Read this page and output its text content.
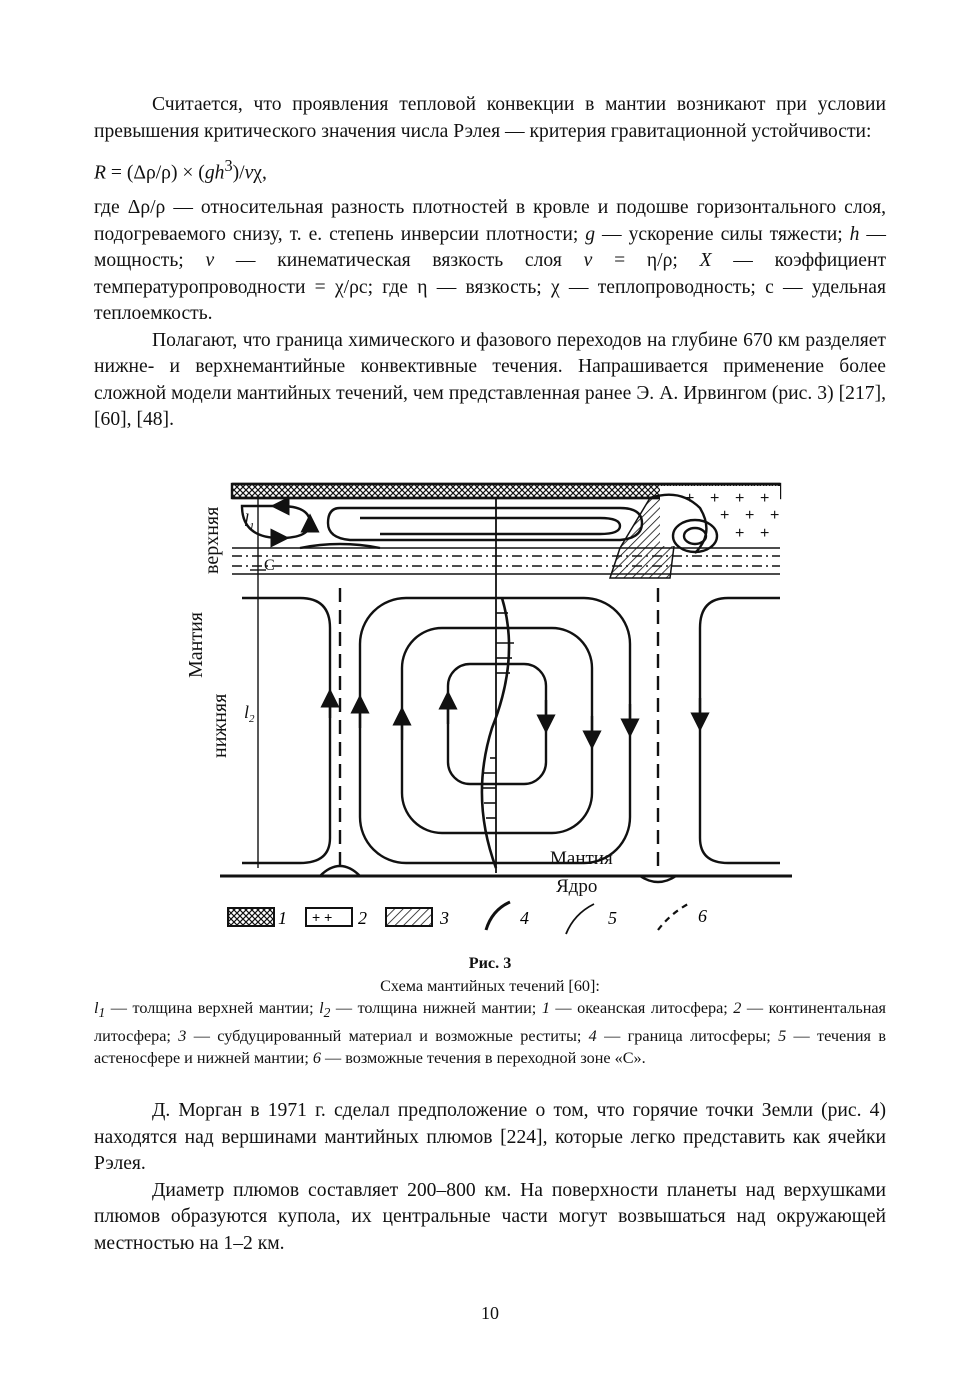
Считается, что проявления тепловой конвекции в мантии возникают при условии превышения критического значения числа Рэлея — критерия гравитационной устойчивости:

$R = (\Delta\rho/\rho) \times (gh^3)/v\chi$,

где Δρ/ρ — относительная разность плотностей в кровле и подошве горизонтального слоя, подогреваемого снизу, т. е. степень инверсии плотности; g — ускорение силы тяжести; h — мощность; v — кинематическая вязкость слоя v = η/ρ; X — коэффициент температуропроводности = χ/ρc; где η — вязкость; χ — теплопроводность; с — удельная теплоемкость.

Полагают, что граница химического и фазового переходов на глубине 670 км разделяет нижне- и верхнемантийные конвективные течения. Напрашивается применение более сложной модели мантийных течений, чем представленная ранее Э. А. Ирвингом (рис. 3) [217], [60], [48].

+ + + +
+ + +
+ +
верхняя
Мантия
нижняя
$l_1$
$l_2$
С
Мантия
Ядро
1 + + 2	3	4	5	6
Рис. 3
Схема мантийных течений [60]:
$l_1$ — толщина верхней мантии; $l_2$ — толщина нижней мантии; 1 — океанская литосфера; 2 — континентальная литосфера; 3 — субдуцированный материал и возможные реститы; 4 — граница литосферы; 5 — течения в астеносфере и нижней мантии; 6 — возможные течения в переходной зоне «С».

Д. Морган в 1971 г. сделал предположение о том, что горячие точки Земли (рис. 4) находятся над вершинами мантийных плюмов [224], которые легко представить как ячейки Рэлея.

Диаметр плюмов составляет 200–800 км. На поверхности планеты над верхушками плюмов образуются купола, их центральные части могут возвышаться над окружающей местностью на 1–2 км.

10
